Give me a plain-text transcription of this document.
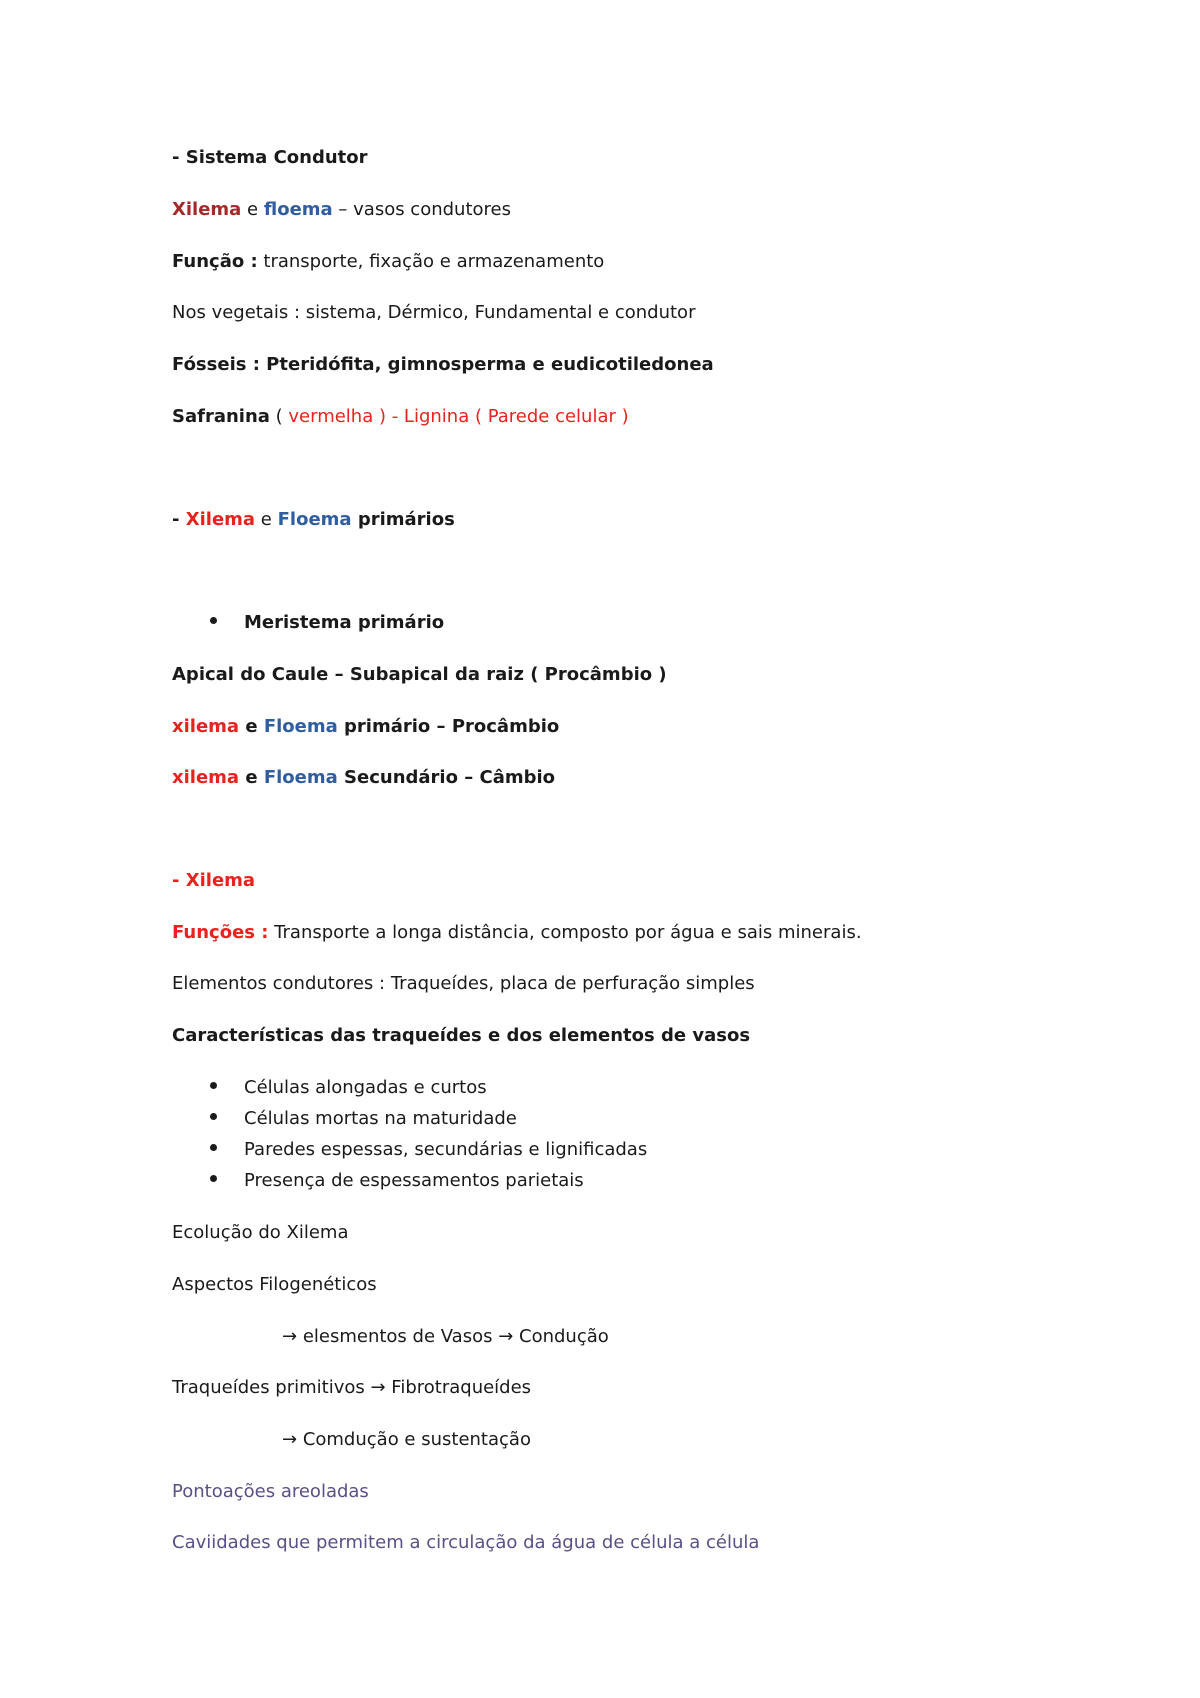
- Sistema Condutor
Xilema e floema – vasos condutores
Função : transporte, fixação e armazenamento
Nos vegetais : sistema, Dérmico, Fundamental e condutor
Fósseis : Pteridófita, gimnosperma e eudicotiledonea
Safranina ( vermelha ) - Lignina ( Parede celular )
- Xilema e Floema primários
Meristema primário
Apical do Caule – Subapical da raiz ( Procâmbio )
xilema e Floema primário – Procâmbio
xilema e Floema Secundário – Câmbio
- Xilema
Funções : Transporte a longa distância, composto por água e sais minerais.
Elementos condutores : Traqueídes, placa de perfuração simples
Características das traqueídes e dos elementos de vasos
Células alongadas e curtos
Células mortas na maturidade
Paredes espessas, secundárias e lignificadas
Presença de espessamentos parietais
Ecolução do Xilema
Aspectos Filogenéticos
→ elesmentos de Vasos → Condução
Traqueídes primitivos → Fibrotraqueídes
→ Comdução e sustentação
Pontoações areoladas
Caviidades que permitem a circulação da água de célula a célula
